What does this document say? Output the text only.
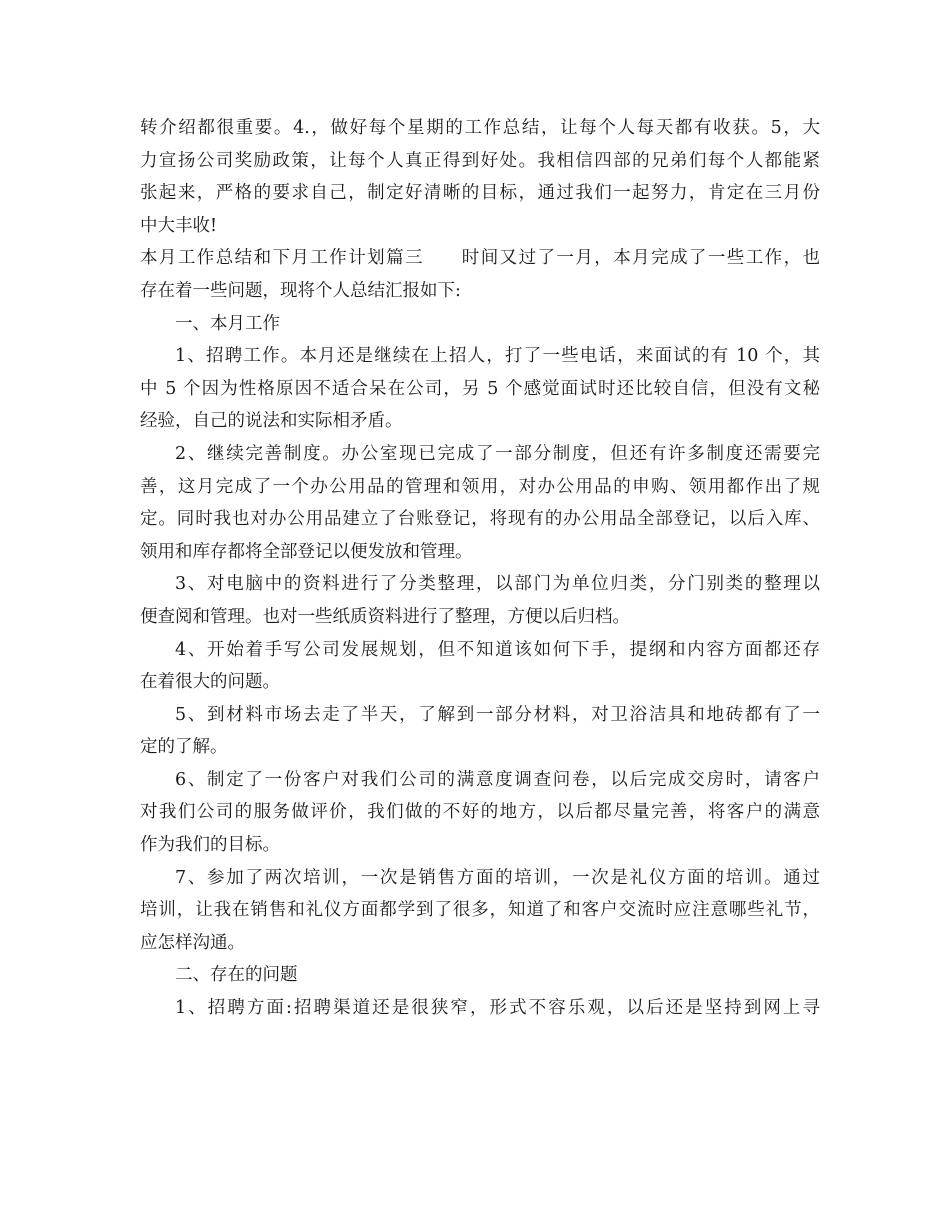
转介绍都很重要。4.，做好每个星期的工作总结，让每个人每天都有收获。5，大
力宣扬公司奖励政策，让每个人真正得到好处。我相信四部的兄弟们每个人都能紧
张起来，严格的要求自己，制定好清晰的目标，通过我们一起努力，肯定在三月份
中大丰收!
本月工作总结和下月工作计划篇三　　时间又过了一月，本月完成了一些工作，也
存在着一些问题，现将个人总结汇报如下:
一、本月工作
1、招聘工作。本月还是继续在上招人，打了一些电话，来面试的有 10 个，其
中 5 个因为性格原因不适合呆在公司，另 5 个感觉面试时还比较自信，但没有文秘
经验，自己的说法和实际相矛盾。
2、继续完善制度。办公室现已完成了一部分制度，但还有许多制度还需要完
善，这月完成了一个办公用品的管理和领用，对办公用品的申购、领用都作出了规
定。同时我也对办公用品建立了台账登记，将现有的办公用品全部登记，以后入库、
领用和库存都将全部登记以便发放和管理。
3、对电脑中的资料进行了分类整理，以部门为单位归类，分门别类的整理以
便查阅和管理。也对一些纸质资料进行了整理，方便以后归档。
4、开始着手写公司发展规划，但不知道该如何下手，提纲和内容方面都还存
在着很大的问题。
5、到材料市场去走了半天，了解到一部分材料，对卫浴洁具和地砖都有了一
定的了解。
6、制定了一份客户对我们公司的满意度调查问卷，以后完成交房时，请客户
对我们公司的服务做评价，我们做的不好的地方，以后都尽量完善，将客户的满意
作为我们的目标。
7、参加了两次培训，一次是销售方面的培训，一次是礼仪方面的培训。通过
培训，让我在销售和礼仪方面都学到了很多，知道了和客户交流时应注意哪些礼节，
应怎样沟通。
二、存在的问题
1、招聘方面:招聘渠道还是很狭窄，形式不容乐观，以后还是坚持到网上寻
